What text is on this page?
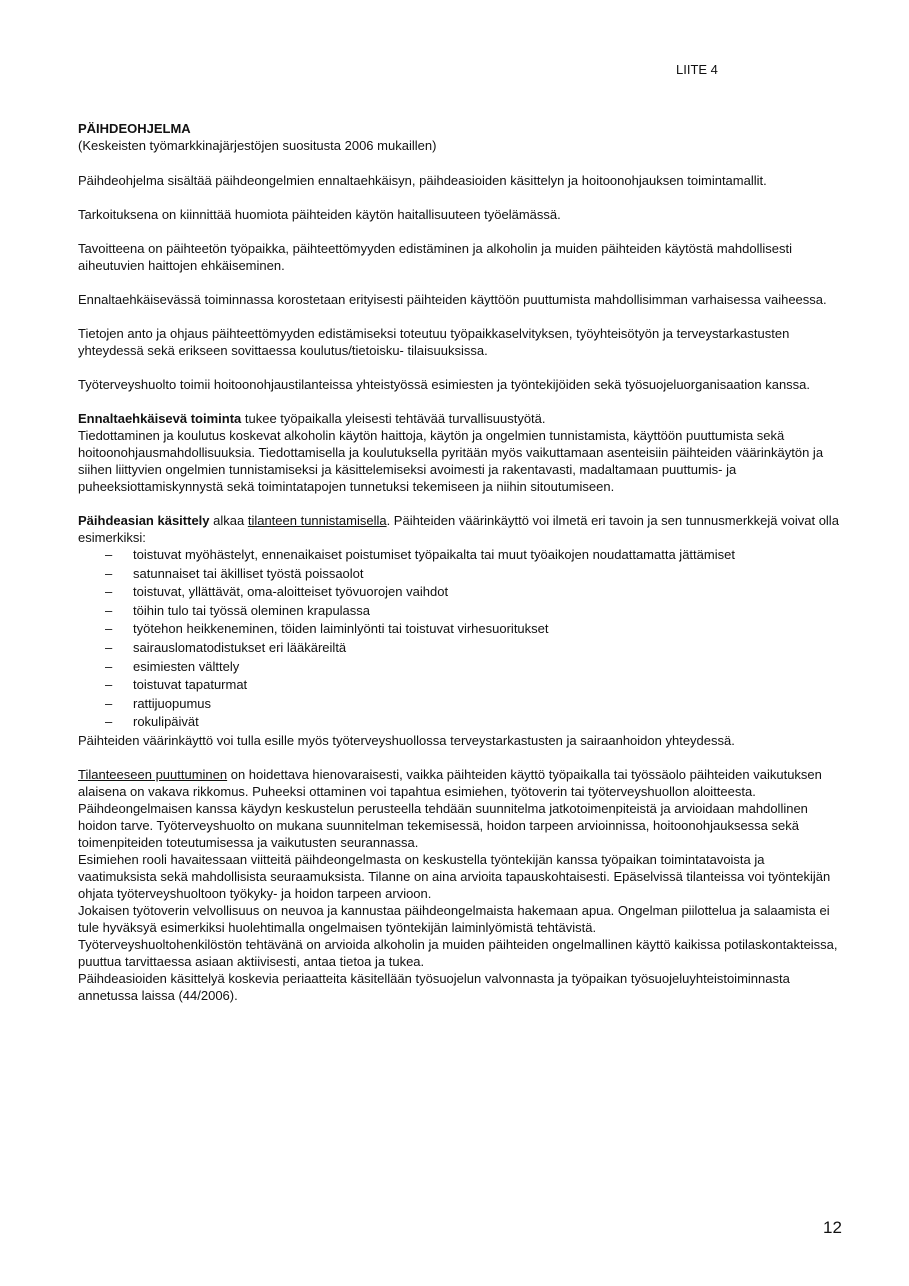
LIITE 4
PÄIHDEOHJELMA
(Keskeisten työmarkkinajärjestöjen suositusta 2006 mukaillen)

Päihdeohjelma sisältää päihdeongelmien ennaltaehkäisyn, päihdeasioiden käsittelyn ja hoitoonohjauksen toimintamallit.

Tarkoituksena on kiinnittää huomiota päihteiden käytön haitallisuuteen työelämässä.

Tavoitteena on päihteetön työpaikka, päihteettömyyden edistäminen ja alkoholin ja muiden päihteiden käytöstä mahdollisesti aiheutuvien haittojen ehkäiseminen.

Ennaltaehkäisevässä toiminnassa korostetaan erityisesti päihteiden käyttöön puuttumista mahdollisimman varhaisessa vaiheessa.

Tietojen anto ja ohjaus päihteettömyyden edistämiseksi toteutuu työpaikkaselvityksen, työyhteisötyön ja terveystarkastusten yhteydessä sekä erikseen sovittaessa koulutus/tietoisku- tilaisuuksissa.

Työterveyshuolto toimii hoitoonohjaustilanteissa yhteistyössä esimiesten ja työntekijöiden sekä työsuojeluorganisaation kanssa.

Ennaltaehkäisevä toiminta tukee työpaikalla yleisesti tehtävää turvallisuustyötä.
Tiedottaminen ja koulutus koskevat alkoholin käytön haittoja, käytön ja ongelmien tunnistamista, käyttöön puuttumista sekä hoitoonohjausmahdollisuuksia. Tiedottamisella ja koulutuksella pyritään myös vaikuttamaan asenteisiin päihteiden väärinkäytön ja siihen liittyvien ongelmien tunnistamiseksi ja käsittelemiseksi avoimesti ja rakentavasti, madaltamaan puuttumis- ja puheeksiottamiskynnystä sekä toimintatapojen tunnetuksi tekemiseen ja niihin sitoutumiseen.

Päihdeasian käsittely alkaa tilanteen tunnistamisella. Päihteiden väärinkäyttö voi ilmetä eri tavoin ja sen tunnusmerkkejä voivat olla esimerkiksi:

– toistuvat myöhästelyt, ennenaikaiset poistumiset työpaikalta tai muut työaikojen noudattamatta jättämiset
– satunnaiset tai äkilliset työstä poissaolot
– toistuvat, yllättävät, oma-aloitteiset työvuorojen vaihdot
– töihin tulo tai työssä oleminen krapulassa
– työtehon heikkeneminen, töiden laiminlyönti tai toistuvat virhesuoritukset
– sairauslomatodistukset eri lääkäreiltä
– esimiesten välttely
– toistuvat tapaturmat
– rattijuopumus
– rokulipäivät

Päihteiden väärinkäyttö voi tulla esille myös työterveyshuollossa terveystarkastusten ja sairaanhoidon yhteydessä.

Tilanteeseen puuttuminen on hoidettava hienovaraisesti, vaikka päihteiden käyttö työpaikalla tai työssäolo päihteiden vaikutuksen alaisena on vakava rikkomus. Puheeksi ottaminen voi tapahtua esimiehen, työtoverin tai työterveyshuollon aloitteesta. Päihdeongelmaisen kanssa käydyn keskustelun perusteella tehdään suunnitelma jatkotoimenpiteistä ja arvioidaan mahdollinen hoidon tarve. Työterveyshuolto on mukana suunnitelman tekemisessä, hoidon tarpeen arvioinnissa, hoitoonohjauksessa sekä toimenpiteiden toteutumisessa ja vaikutusten seurannassa.

Esimiehen rooli havaitessaan viitteitä päihdeongelmasta on keskustella työntekijän kanssa työpaikan toimintatavoista ja vaatimuksista sekä mahdollisista seuraamuksista. Tilanne on aina arvioita tapauskohtaisesti. Epäselvissä tilanteissa voi työntekijän ohjata työterveyshuoltoon työkyky- ja hoidon tarpeen arvioon.

Jokaisen työtoverin velvollisuus on neuvoa ja kannustaa päihdeongelmaista hakemaan apua. Ongelman piilottelua ja salaamista ei tule hyväksyä esimerkiksi huolehtimalla ongelmaisen työntekijän laiminlyömistä tehtävistä.

Työterveyshuoltohenkilöstön tehtävänä on arvioida alkoholin ja muiden päihteiden ongelmallinen käyttö kaikissa potilaskontakteissa, puuttua tarvittaessa asiaan aktiivisesti, antaa tietoa ja tukea.

Päihdeasioiden käsittelyä koskevia periaatteita käsitellään työsuojelun valvonnasta ja työpaikan työsuojeluyhteistoiminnasta annetussa laissa (44/2006).

12
